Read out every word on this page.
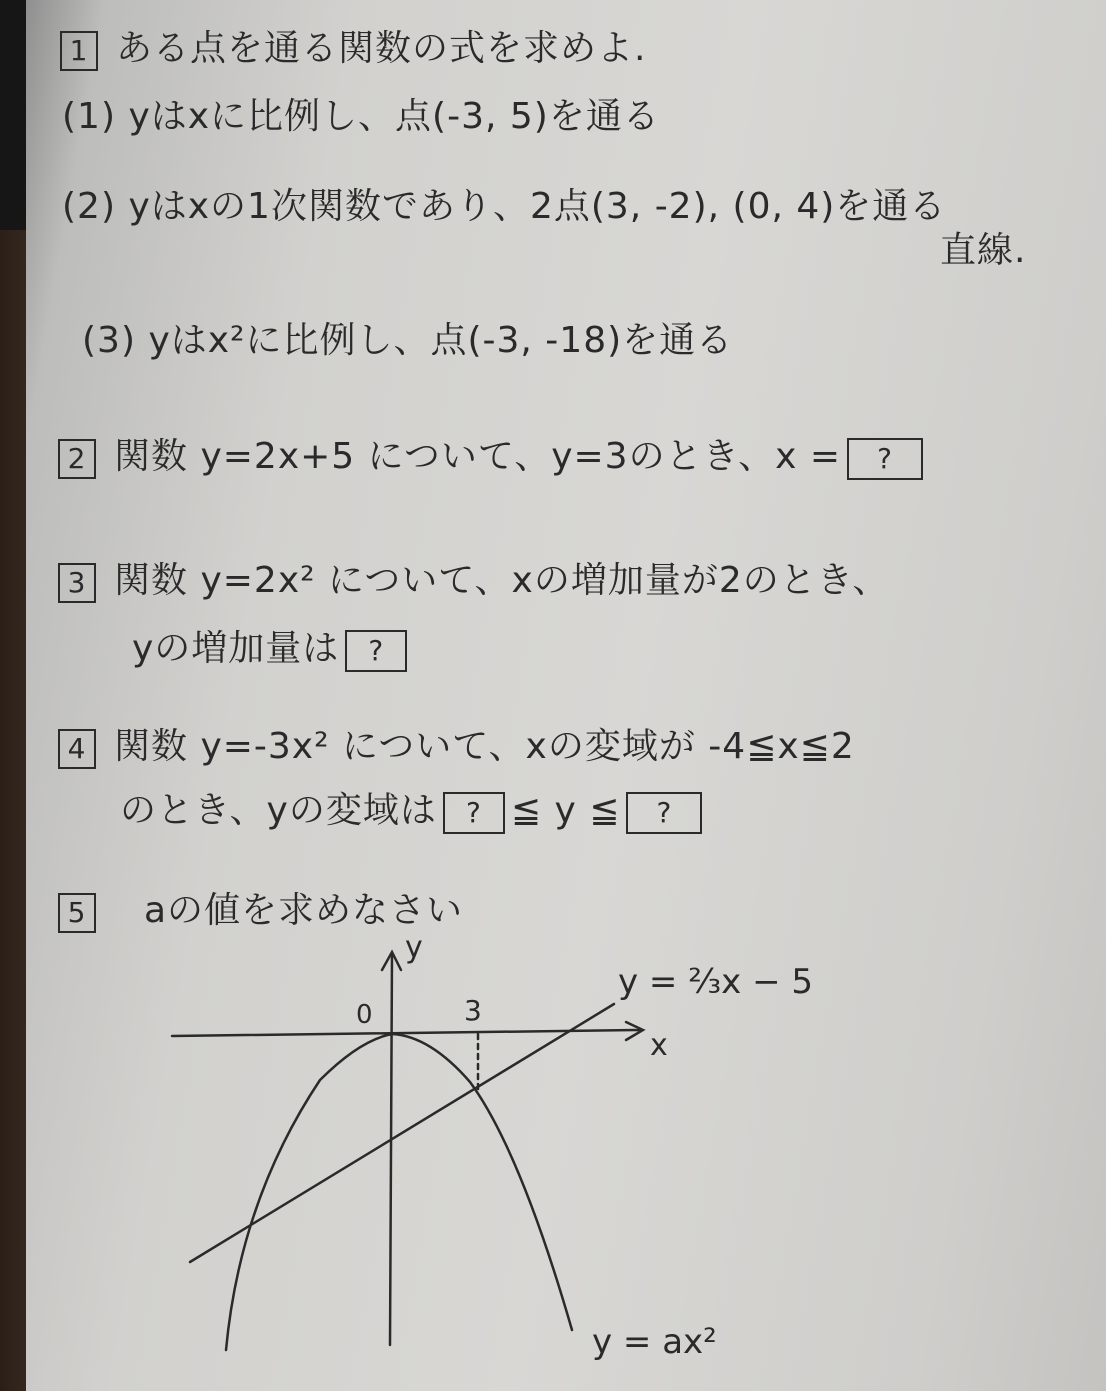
1 ある点を通る関数の式を求めよ.
(1) yはxに比例し、点(-3, 5)を通る
(2) yはxの1次関数であり、2点(3, -2), (0, 4)を通る
直線.
(3) yはx²に比例し、点(-3, -18)を通る
2 関数 y=2x+5 について、y=3のとき、x = ?
3 関数 y=2x² について、xの増加量が2のとき、
yの増加量は ?
4 関数 y=-3x² について、xの変域が -4≦x≦2
のとき、yの変域は ? ≦ y ≦ ?
5 aの値を求めなさい
y
x
0	3
y = ⅔x − 5
y = ax²
